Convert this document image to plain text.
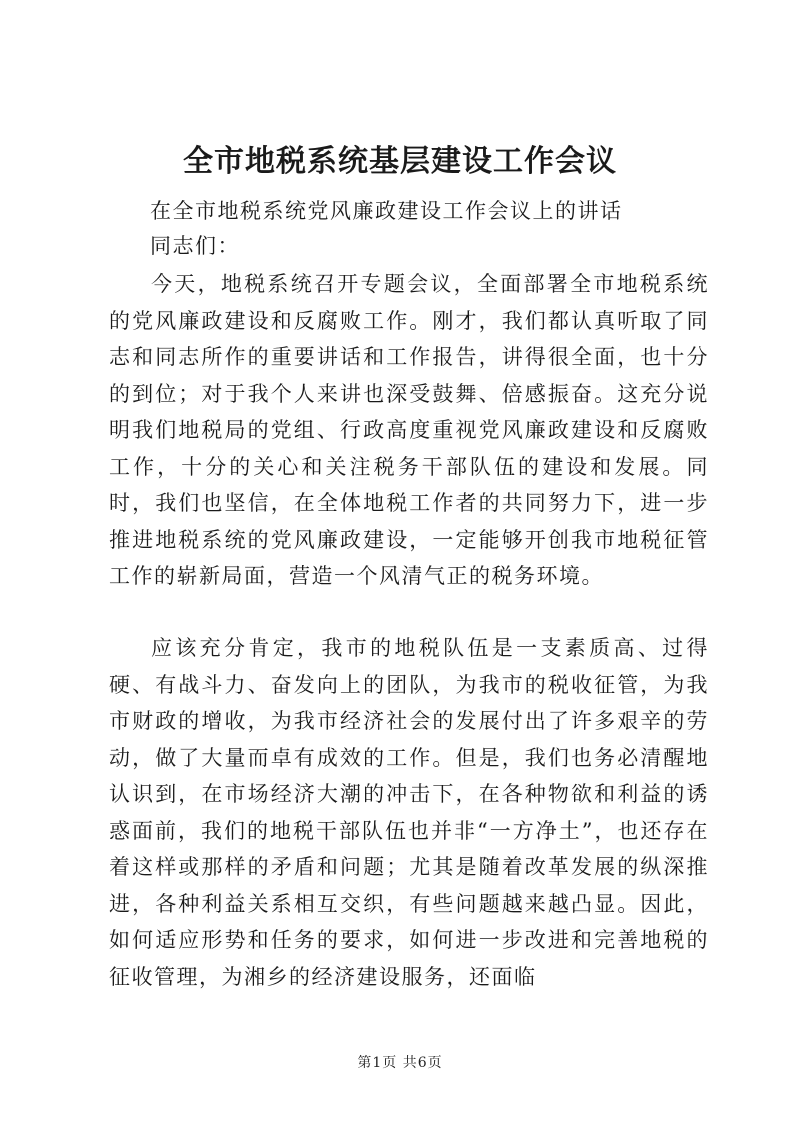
全市地税系统基层建设工作会议

在全市地税系统党风廉政建设工作会议上的讲话

同志们：

今天，地税系统召开专题会议，全面部署全市地税系统的党风廉政建设和反腐败工作。刚才，我们都认真听取了同志和同志所作的重要讲话和工作报告，讲得很全面，也十分的到位；对于我个人来讲也深受鼓舞、倍感振奋。这充分说明我们地税局的党组、行政高度重视党风廉政建设和反腐败工作，十分的关心和关注税务干部队伍的建设和发展。同时，我们也坚信，在全体地税工作者的共同努力下，进一步推进地税系统的党风廉政建设，一定能够开创我市地税征管工作的崭新局面，营造一个风清气正的税务环境。

应该充分肯定，我市的地税队伍是一支素质高、过得硬、有战斗力、奋发向上的团队，为我市的税收征管，为我市财政的增收，为我市经济社会的发展付出了许多艰辛的劳动，做了大量而卓有成效的工作。但是，我们也务必清醒地认识到，在市场经济大潮的冲击下，在各种物欲和利益的诱惑面前，我们的地税干部队伍也并非“一方净土”，也还存在着这样或那样的矛盾和问题；尤其是随着改革发展的纵深推进，各种利益关系相互交织，有些问题越来越凸显。因此，如何适应形势和任务的要求，如何进一步改进和完善地税的征收管理，为湘乡的经济建设服务，还面临

第1页 共6页
